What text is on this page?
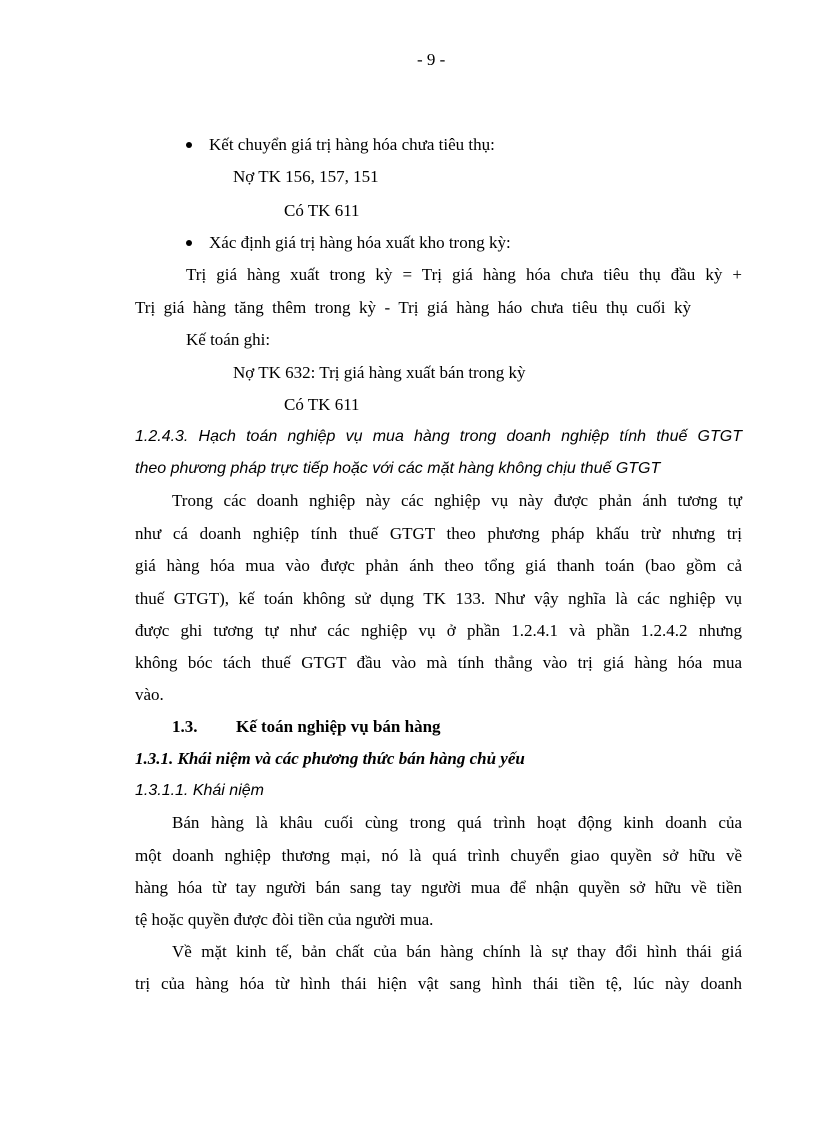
- 9 -
Kết chuyển giá trị hàng hóa chưa tiêu thụ:
Nợ TK 156, 157, 151
Có TK 611
Xác định giá trị hàng hóa xuất kho trong kỳ:
Trị giá hàng xuất trong kỳ = Trị giá hàng hóa chưa tiêu thụ đầu kỳ +
Trị giá hàng tăng thêm trong kỳ - Trị giá hàng háo chưa tiêu thụ cuối kỳ
Kế toán ghi:
Nợ TK 632: Trị giá hàng xuất bán trong kỳ
Có TK 611
1.2.4.3. Hạch toán nghiệp vụ mua hàng trong doanh nghiệp tính thuế GTGT
theo phương pháp trực tiếp hoặc với các mặt hàng không chịu thuế GTGT
Trong các doanh nghiệp này các nghiệp vụ này được phản ánh tương tự
như cá doanh nghiệp tính thuế GTGT theo phương pháp khấu trừ nhưng trị
giá hàng hóa mua vào được phản ánh theo tổng giá thanh toán (bao gồm cả
thuế GTGT), kế toán không sử dụng TK 133. Như vậy nghĩa là các nghiệp vụ
được ghi tương tự như các nghiệp vụ ở phần 1.2.4.1 và phần 1.2.4.2 nhưng
không bóc tách thuế GTGT đầu vào mà tính thẳng vào trị giá hàng hóa mua
vào.
1.3. Kế toán nghiệp vụ bán hàng
1.3.1. Khái niệm và các phương thức bán hàng chủ yếu
1.3.1.1. Khái niệm
Bán hàng là khâu cuối cùng trong quá trình hoạt động kinh doanh của
một doanh nghiệp thương mại, nó là quá trình chuyển giao quyền sở hữu về
hàng hóa từ tay người bán sang tay người mua để nhận quyền sở hữu về tiền
tệ hoặc quyền được đòi tiền của người mua.
Về mặt kinh tế, bản chất của bán hàng chính là sự thay đổi hình thái giá
trị của hàng hóa từ hình thái hiện vật sang hình thái tiền tệ, lúc này doanh
